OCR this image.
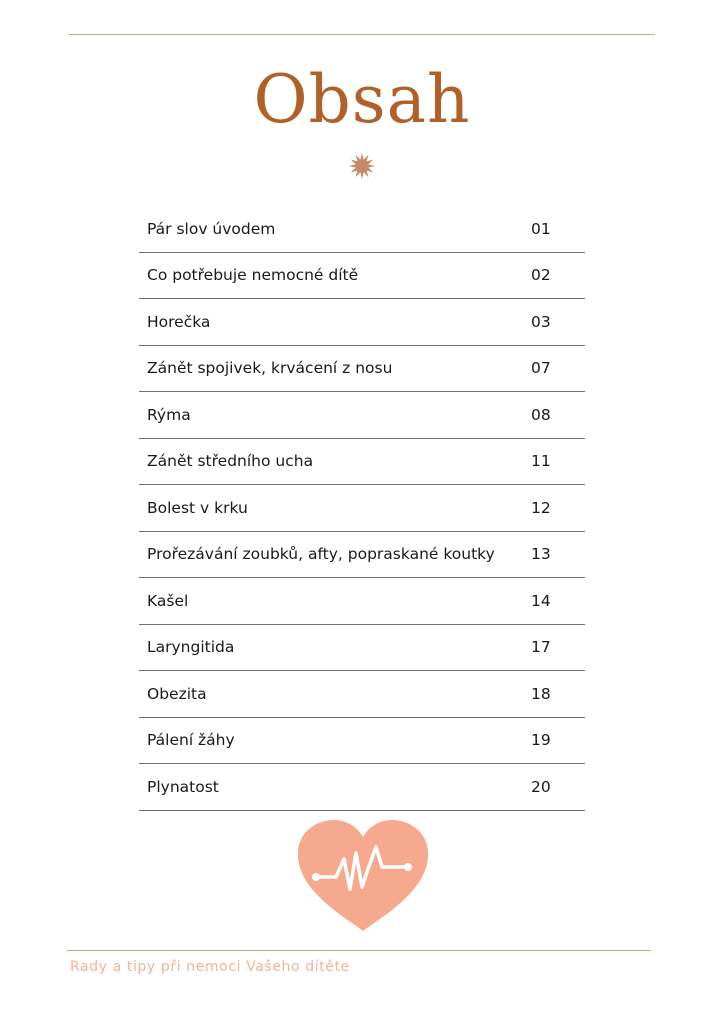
Obsah
Pár slov úvodem	01
Co potřebuje nemocné dítě	02
Horečka	03
Zánět spojivek, krvácení z nosu	07
Rýma	08
Zánět středního ucha	11
Bolest v krku	12
Prořezávání zoubků, afty, popraskané koutky 13
Kašel	14
Laryngitida	17
Obezita	18
Pálení žáhy	19
Plynatost	20
Rady a tipy při nemoci Vašeho dítěte
